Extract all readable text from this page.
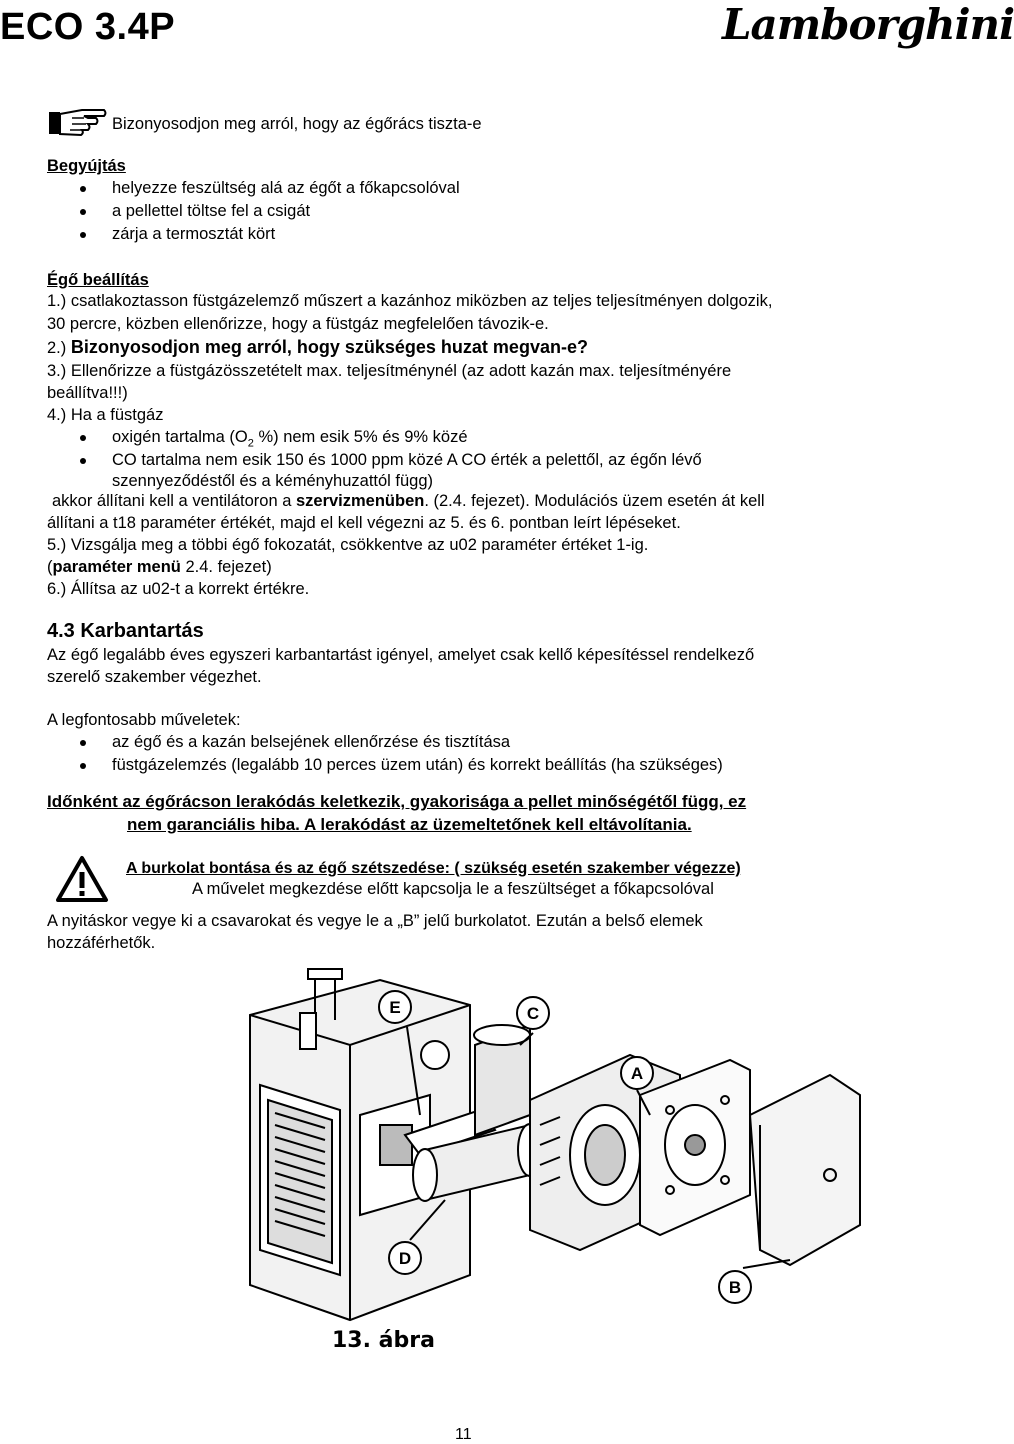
ECO 3.4P	Lamborghini
Bizonyosodjon meg arról, hogy az égőrács tiszta-e
Begyújtás
helyezze feszültség alá az égőt a főkapcsolóval
a pellettel töltse fel a csigát
zárja a termosztát kört
Égő beállítás
1.) csatlakoztasson füstgázelemző műszert a kazánhoz miközben az teljes teljesítményen dolgozik,
30 percre, közben ellenőrizze, hogy a füstgáz megfelelően távozik-e.
2.) Bizonyosodjon meg arról, hogy szükséges huzat megvan-e?
3.) Ellenőrizze a füstgázösszetételt max. teljesítménynél (az adott kazán max. teljesítményére
beállítva!!!)
4.) Ha a füstgáz
oxigén tartalma ($O_2$ %) nem esik 5% és 9% közé
CO tartalma nem esik 150 és 1000 ppm közé A CO érték a pelettől, az égőn lévő
szennyeződéstől és a kéményhuzattól függ)
akkor állítani kell a ventilátoron a szervizmenüben. (2.4. fejezet). Modulációs üzem esetén át kell
állítani a t18 paraméter értékét, majd el kell végezni az 5. és 6. pontban leírt lépéseket.
5.) Vizsgálja meg a többi égő fokozatát, csökkentve az u02 paraméter értéket 1-ig.
(paraméter menü 2.4. fejezet)
6.) Állítsa az u02-t a korrekt értékre.
4.3 Karbantartás
Az égő legalább éves egyszeri karbantartást igényel, amelyet csak kellő képesítéssel rendelkező
szerelő szakember végezhet.
A legfontosabb műveletek:
az égő és a kazán belsejének ellenőrzése és tisztítása
füstgázelemzés (legalább 10 perces üzem után) és korrekt beállítás (ha szükséges)
Időnként az égőrácson lerakódás keletkezik, gyakorisága a pellet minőségétől függ, ez
nem garanciális hiba. A lerakódást az üzemeltetőnek kell eltávolítania.
A burkolat bontása és az égő szétszedése: ( szükség esetén szakember végezze)
A művelet megkezdése előtt kapcsolja le a feszültséget a főkapcsolóval
A nyitáskor vegye ki a csavarokat és vegye le a „B” jelű burkolatot. Ezután a belső elemek
hozzáférhetők.
E	C
A
D
B
13. ábra
11
